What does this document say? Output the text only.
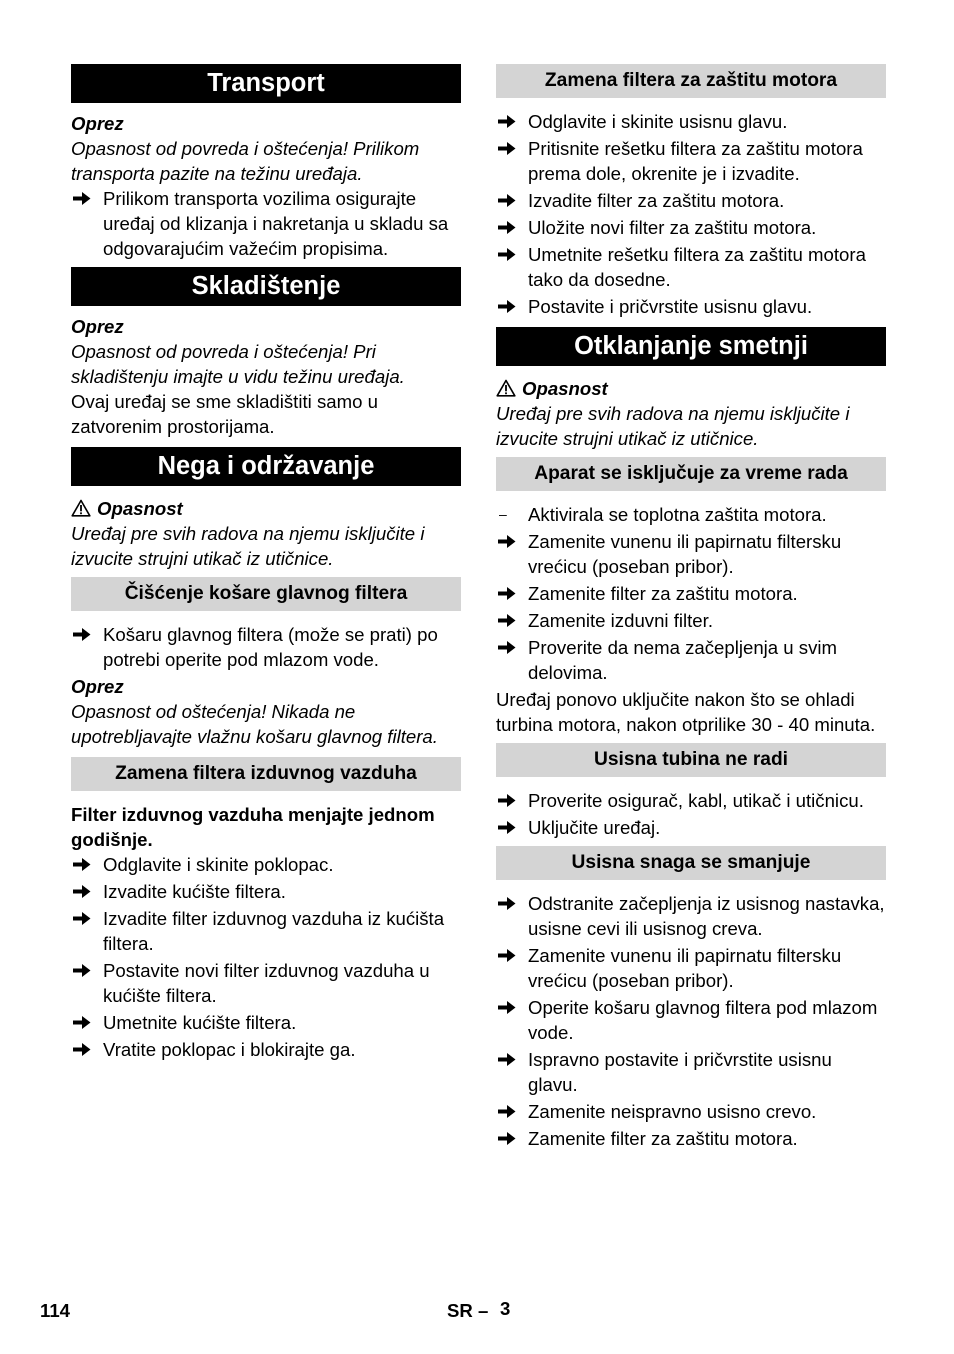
Transport

Oprez

Opasnost od povreda i oštećenja! Prilikom transporta pazite na težinu uređaja.

Prilikom transporta vozilima osigurajte uređaj od klizanja i nakretanja u skladu sa odgovarajućim važećim propisima.
Skladištenje

Oprez

Opasnost od povreda i oštećenja! Pri skladištenju imajte u vidu težinu uređaja.

Ovaj uređaj se sme skladištiti samo u zatvorenim prostorijama.

Nega i održavanje

Opasnost

Uređaj pre svih radova na njemu isključite i izvucite strujni utikač iz utičnice.

Čišćenje košare glavnog filtera
Košaru glavnog filtera (može se prati) po potrebi operite pod mlazom vode.

Oprez

Opasnost od oštećenja! Nikada ne upotrebljavajte vlažnu košaru glavnog filtera.

Zamena filtera izduvnog vazduha

Filter izduvnog vazduha menjajte jednom godišnje.

Odglavite i skinite poklopac.
Izvadite kućište filtera.
Izvadite filter izduvnog vazduha iz kućišta filtera.
Postavite novi filter izduvnog vazduha u kućište filtera.
Umetnite kućište filtera.
Vratite poklopac i blokirajte ga.
Zamena filtera za zaštitu motora
Odglavite i skinite usisnu glavu.
Pritisnite rešetku filtera za zaštitu motora prema dole, okrenite je i izvadite.
Izvadite filter za zaštitu motora.
Uložite novi filter za zaštitu motora.
Umetnite rešetku filtera za zaštitu motora tako da dosedne.
Postavite i pričvrstite usisnu glavu.
Otklanjanje smetnji

Opasnost

Uređaj pre svih radova na njemu isključite i izvucite strujni utikač iz utičnice.

Aparat se isključuje za vreme rada
– Aktivirala se toplotna zaštita motora.
Zamenite vunenu ili papirnatu filtersku vrećicu (poseban pribor).
Zamenite filter za zaštitu motora.
Zamenite izduvni filter.
Proverite da nema začepljenja u svim delovima.

Uređaj ponovo uključite nakon što se ohladi turbina motora, nakon otprilike 30 - 40 minuta.

Usisna tubina ne radi
Proverite osigurač, kabl, utikač i utičnicu.
Uključite uređaj.
Usisna snaga se smanjuje
Odstranite začepljenja iz usisnog nastavka, usisne cevi ili usisnog creva.
Zamenite vunenu ili papirnatu filtersku vrećicu (poseban pribor).
Operite košaru glavnog filtera pod mlazom vode.
Ispravno postavite i pričvrstite usisnu glavu.
Zamenite neispravno usisno crevo.
Zamenite filter za zaštitu motora.
114	SR – 3
